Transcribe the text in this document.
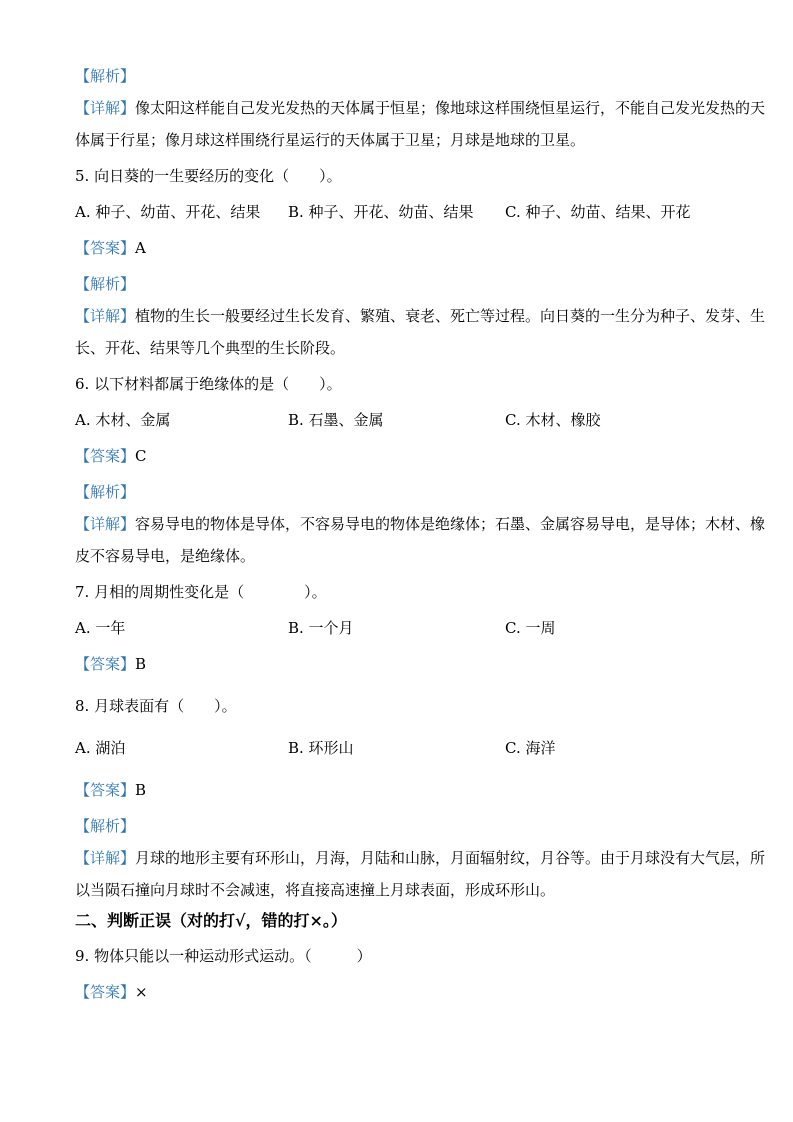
【解析】

【详解】像太阳这样能自己发光发热的天体属于恒星；像地球这样围绕恒星运行，不能自己发光发热的天

体属于行星；像月球这样围绕行星运行的天体属于卫星；月球是地球的卫星。

5. 向日葵的一生要经历的变化（　　）。

A. 种子、幼苗、开花、结果 B. 种子、开花、幼苗、结果 C. 种子、幼苗、结果、开花

【答案】A

【解析】

【详解】植物的生长一般要经过生长发育、繁殖、衰老、死亡等过程。向日葵的一生分为种子、发芽、生

长、开花、结果等几个典型的生长阶段。

6. 以下材料都属于绝缘体的是（　　）。

A. 木材、金属	B. 石墨、金属	C. 木材、橡胶

【答案】C

【解析】

【详解】容易导电的物体是导体，不容易导电的物体是绝缘体；石墨、金属容易导电，是导体；木材、橡

皮不容易导电，是绝缘体。

7. 月相的周期性变化是（　　　　）。

A. 一年	B. 一个月	C. 一周

【答案】B

8. 月球表面有（　　）。

A. 湖泊	B. 环形山	C. 海洋

【答案】B

【解析】

【详解】月球的地形主要有环形山，月海，月陆和山脉，月面辐射纹，月谷等。由于月球没有大气层，所

以当陨石撞向月球时不会减速，将直接高速撞上月球表面，形成环形山。

二、判断正误（对的打√，错的打×。）

9. 物体只能以一种运动形式运动。（　　　）

【答案】×
